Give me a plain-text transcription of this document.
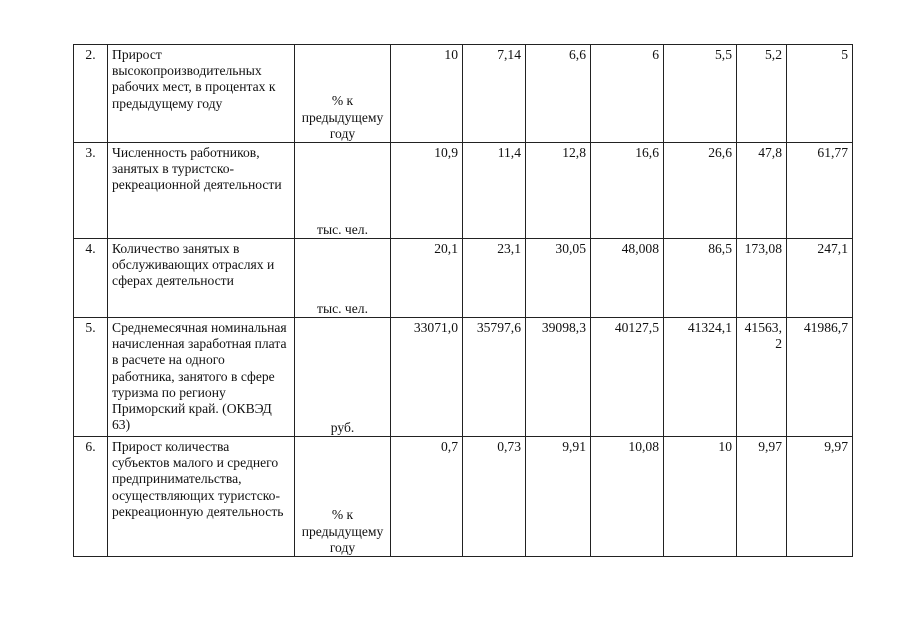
2.	Прирост высокопроизводительных рабочих мест, в процентах к предыдущему году	% к предыдущему году	10	7,14	6,6	6	5,5	5,2	5
3.	Численность работников, занятых в туристско-рекреационной деятельности	тыс. чел.	10,9	11,4	12,8	16,6	26,6	47,8	61,77
4.	Количество занятых в обслуживающих отраслях и сферах деятельности	тыс. чел.	20,1	23,1	30,05	48,008	86,5	173,08	247,1
5.	Среднемесячная номинальная начисленная заработная плата в расчете на одного работника, занятого в сфере туризма по региону Приморский край. (ОКВЭД 63)	руб.	33071,0	35797,6	39098,3	40127,5	41324,1	41563,2	41986,7
6.	Прирост количества субъектов малого и среднего предпринимательства, осуществляющих туристско-рекреационную деятельность	% к предыдущему году	0,7	0,73	9,91	10,08	10	9,97	9,97
